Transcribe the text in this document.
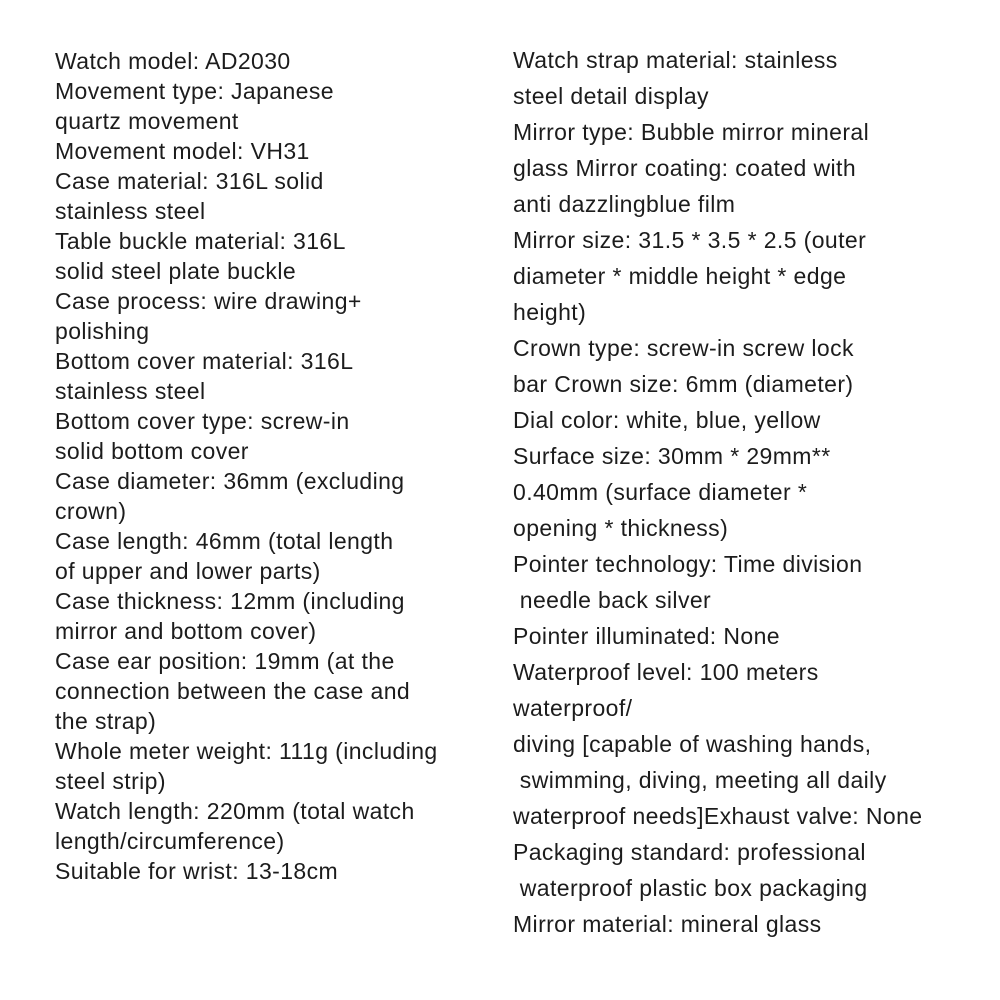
Watch model: AD2030
Movement type: Japanese
quartz movement
Movement model: VH31
Case material: 316L solid
stainless steel
Table buckle material: 316L
solid steel plate buckle
Case process: wire drawing+
polishing
Bottom cover material: 316L
stainless steel
Bottom cover type: screw-in
solid bottom cover
Case diameter: 36mm (excluding
crown)
Case length: 46mm (total length
of upper and lower parts)
Case thickness: 12mm (including
mirror and bottom cover)
Case ear position: 19mm (at the
connection between the case and
the strap)
Whole meter weight: 111g (including
steel strip)
Watch length: 220mm (total watch
length/circumference)
Suitable for wrist: 13-18cm
Watch strap material: stainless
steel detail display
Mirror type: Bubble mirror mineral
glass Mirror coating: coated with
anti dazzlingblue film
Mirror size: 31.5 * 3.5 * 2.5 (outer
diameter * middle height * edge
height)
Crown type: screw-in screw lock
bar Crown size: 6mm (diameter)
Dial color: white, blue, yellow
Surface size: 30mm * 29mm**
0.40mm (surface diameter *
opening * thickness)
Pointer technology: Time division
needle back silver
Pointer illuminated: None
Waterproof level: 100 meters
waterproof/
diving [capable of washing hands,
swimming, diving, meeting all daily
waterproof needs]Exhaust valve: None
Packaging standard: professional
waterproof plastic box packaging
Mirror material: mineral glass
